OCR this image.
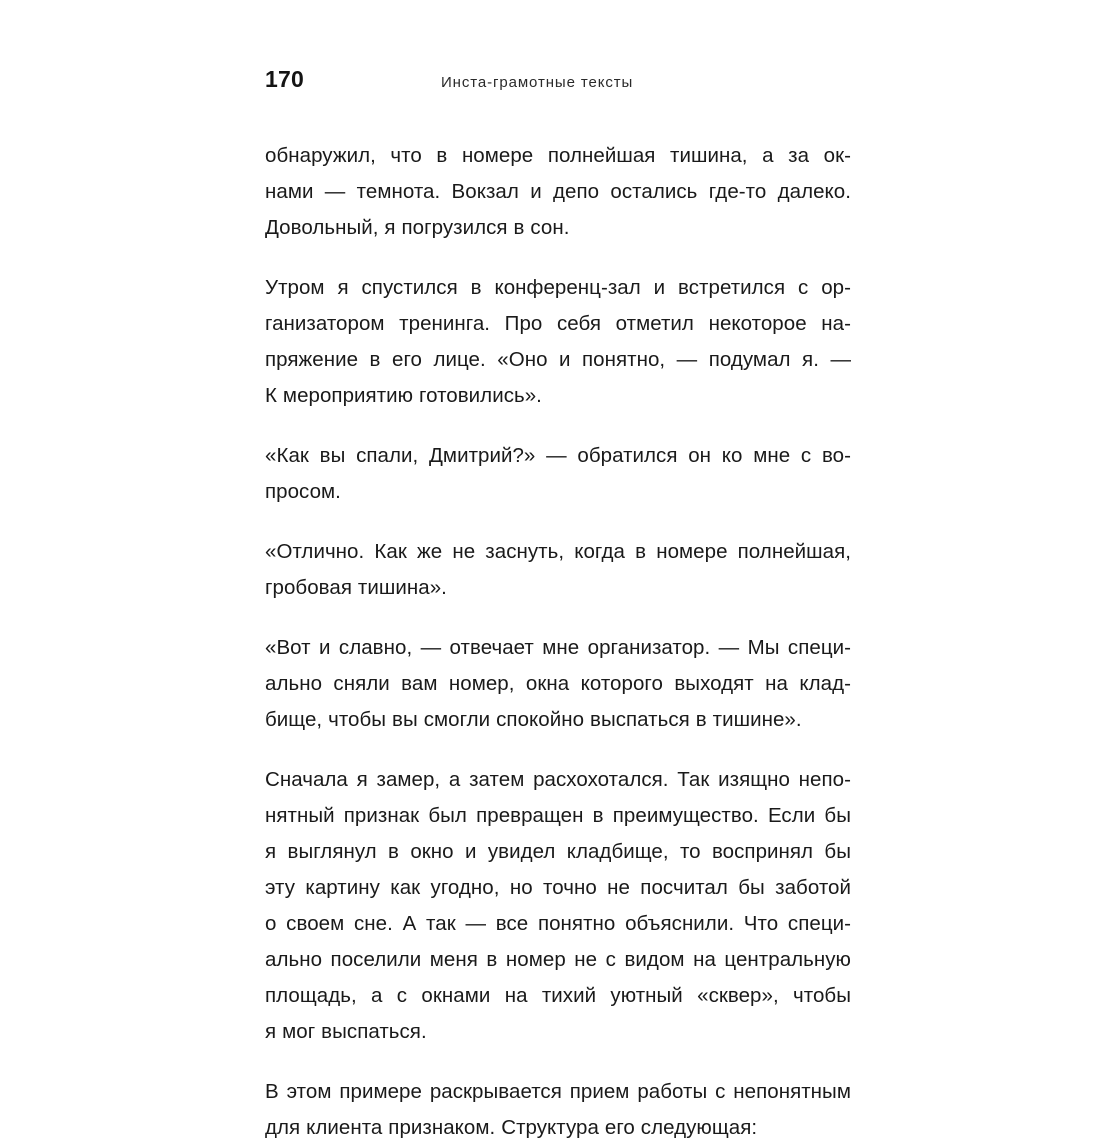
170	Инста-грамотные тексты

обнаружил, что в номере полнейшая тишина, а за ок-
нами — темнота. Вокзал и депо остались где-то далеко.
Довольный, я погрузился в сон.

Утром я спустился в конференц-зал и встретился с ор-
ганизатором тренинга. Про себя отметил некоторое на-
пряжение в его лице. «Оно и понятно, — подумал я. —
К мероприятию готовились».

«Как вы спали, Дмитрий?» — обратился он ко мне с во-
просом.

«Отлично. Как же не заснуть, когда в номере полнейшая,
гробовая тишина».

«Вот и славно, — отвечает мне организатор. — Мы специ-
ально сняли вам номер, окна которого выходят на клад-
бище, чтобы вы смогли спокойно выспаться в тишине».

Сначала я замер, а затем расхохотался. Так изящно непо-
нятный признак был превращен в преимущество. Если бы
я выглянул в окно и увидел кладбище, то воспринял бы
эту картину как угодно, но точно не посчитал бы заботой
о своем сне. А так — все понятно объяснили. Что специ-
ально поселили меня в номер не с видом на центральную
площадь, а с окнами на тихий уютный «сквер», чтобы
я мог выспаться.

В этом примере раскрывается прием работы с непонятным
для клиента признаком. Структура его следующая:
